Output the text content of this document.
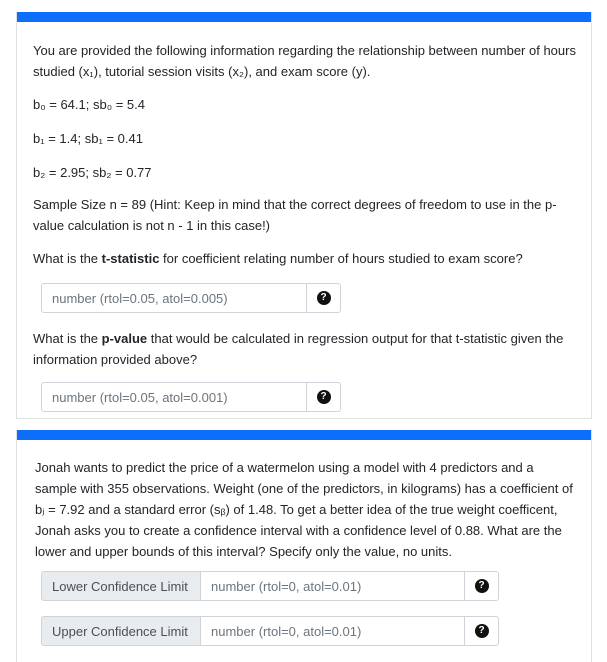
You are provided the following information regarding the relationship between number of hours studied (x₁), tutorial session visits (x₂), and exam score (y).
b₀ = 64.1; sb₀ = 5.4
b₁ = 1.4; sb₁ = 0.41
b₂ = 2.95; sb₂ = 0.77
Sample Size n = 89 (Hint: Keep in mind that the correct degrees of freedom to use in the p-value calculation is not n - 1 in this case!)
What is the t-statistic for coefficient relating number of hours studied to exam score?
number (rtol=0.05, atol=0.005)	?
What is the p-value that would be calculated in regression output for that t-statistic given the information provided above?
number (rtol=0.05, atol=0.001)	?
Jonah wants to predict the price of a watermelon using a model with 4 predictors and a sample with 355 observations. Weight (one of the predictors, in kilograms) has a coefficient of bⱼ = 7.92 and a standard error (sᵦ) of 1.48. To get a better idea of the true weight coefficent, Jonah asks you to create a confidence interval with a confidence level of 0.88. What are the lower and upper bounds of this interval? Specify only the value, no units.
Lower Confidence Limit	number (rtol=0, atol=0.01)	?
Upper Confidence Limit	number (rtol=0, atol=0.01)	?
